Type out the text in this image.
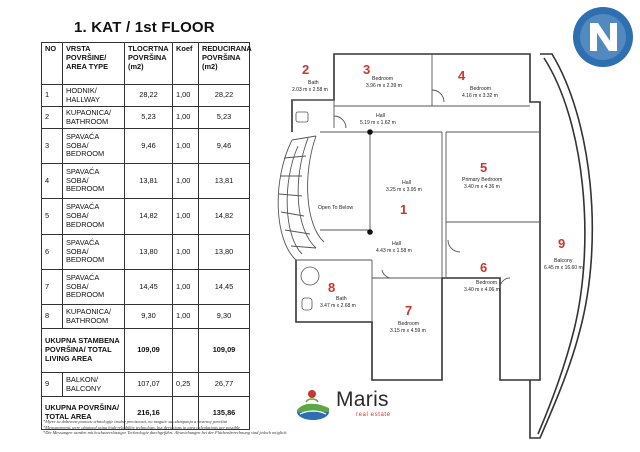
1. KAT / 1st FLOOR
NO	VRSTA POVRŠINE/ AREA TYPE	TLOCRTNA POVRŠINA (m2)	Koef	REDUCIRANA POVRŠINA (m2)
1	HODNIK/ HALLWAY	28,22	1,00	28,22
2	KUPAONICA/ BATHROOM	5,23	1,00	5,23
3	SPAVAĆA SOBA/ BEDROOM	9,46	1,00	9,46
4	SPAVAĆA SOBA/ BEDROOM	13,81	1,00	13,81
5	SPAVAĆA SOBA/ BEDROOM	14,82	1,00	14,82
6	SPAVAĆA SOBA/ BEDROOM	13,80	1,00	13,80
7	SPAVAĆA SOBA/ BEDROOM	14,45	1,00	14,45
8	KUPAONICA/ BATHROOM	9,30	1,00	9,30
UKUPNA STAMBENA POVRŠINA/ TOTAL LIVING AREA		109,09		109,09
9	BALKON/ BALCONY	107,07	0,25	26,77
UKUPNA POVRŠINA/ TOTAL AREA		216,16		135,86
*Mjere su dobivene pomoću tehnologije trodne preciznosti, no moguće su odstupanja u stvarnoj površini
*Measurements were obtained using high-reliability technology, but deviations in area calculations are possible
*Die Messungen wurden mit hochzuverlässiger Technologie durchgeführt. Abweichungen bei der Flächenberechnung sind jedoch möglich.
2
Bath
2.03 m x 2.58 m
3
Bedroom
3.96 m x 2.39 m
4
Bedroom
4.16 m x 3.32 m
Hall
5.19 m x 1.62 m
Hall
3.25 m x 3.95 m
1
Open To Below
Hall
4.43 m x 1.58 m
5
Primary Bedroom
3.40 m x 4.36 m
6
Bedroom
3.40 m x 4.06 m
7
Bedroom
3.15 m x 4.59 m
8
Bath
3.47 m x 2.68 m
9
Balcony
6.45 m x 16.60 m
Maris
real estate
